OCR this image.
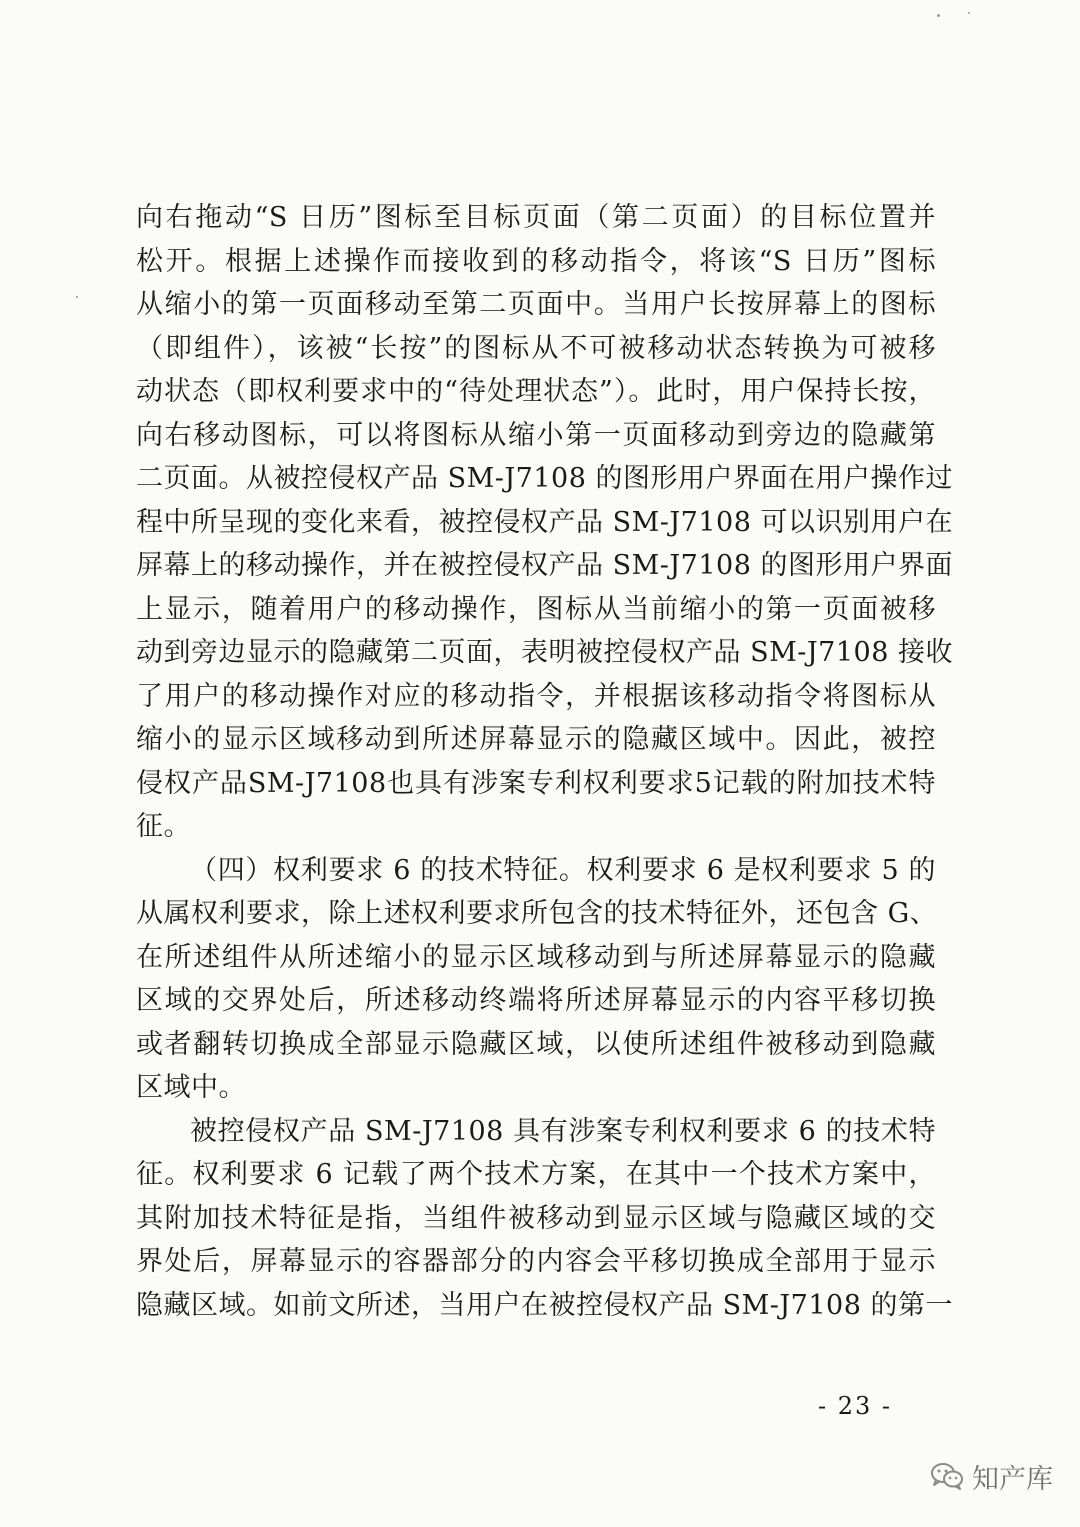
向右拖动“S 日历”图标至目标页面（第二页面）的目标位置并
松开。根据上述操作而接收到的移动指令，将该“S 日历”图标
从缩小的第一页面移动至第二页面中。当用户长按屏幕上的图标
（即组件），该被“长按”的图标从不可被移动状态转换为可被移
动状态（即权利要求中的“待处理状态”）。此时，用户保持长按，
向右移动图标，可以将图标从缩小第一页面移动到旁边的隐藏第
二页面。从被控侵权产品 SM-J7108 的图形用户界面在用户操作过
程中所呈现的变化来看，被控侵权产品 SM-J7108 可以识别用户在
屏幕上的移动操作，并在被控侵权产品 SM-J7108 的图形用户界面
上显示，随着用户的移动操作，图标从当前缩小的第一页面被移
动到旁边显示的隐藏第二页面，表明被控侵权产品 SM-J7108 接收
了用户的移动操作对应的移动指令，并根据该移动指令将图标从
缩小的显示区域移动到所述屏幕显示的隐藏区域中。因此，被控
侵权产品SM-J7108也具有涉案专利权利要求5记载的附加技术特
征。
（四）权利要求 6 的技术特征。权利要求 6 是权利要求 5 的
从属权利要求，除上述权利要求所包含的技术特征外，还包含 G、
在所述组件从所述缩小的显示区域移动到与所述屏幕显示的隐藏
区域的交界处后，所述移动终端将所述屏幕显示的内容平移切换
或者翻转切换成全部显示隐藏区域，以使所述组件被移动到隐藏
区域中。
被控侵权产品 SM-J7108 具有涉案专利权利要求 6 的技术特
征。权利要求 6 记载了两个技术方案，在其中一个技术方案中，
其附加技术特征是指，当组件被移动到显示区域与隐藏区域的交
界处后，屏幕显示的容器部分的内容会平移切换成全部用于显示
隐藏区域。如前文所述，当用户在被控侵权产品 SM-J7108 的第一
- 23 -
知产库
